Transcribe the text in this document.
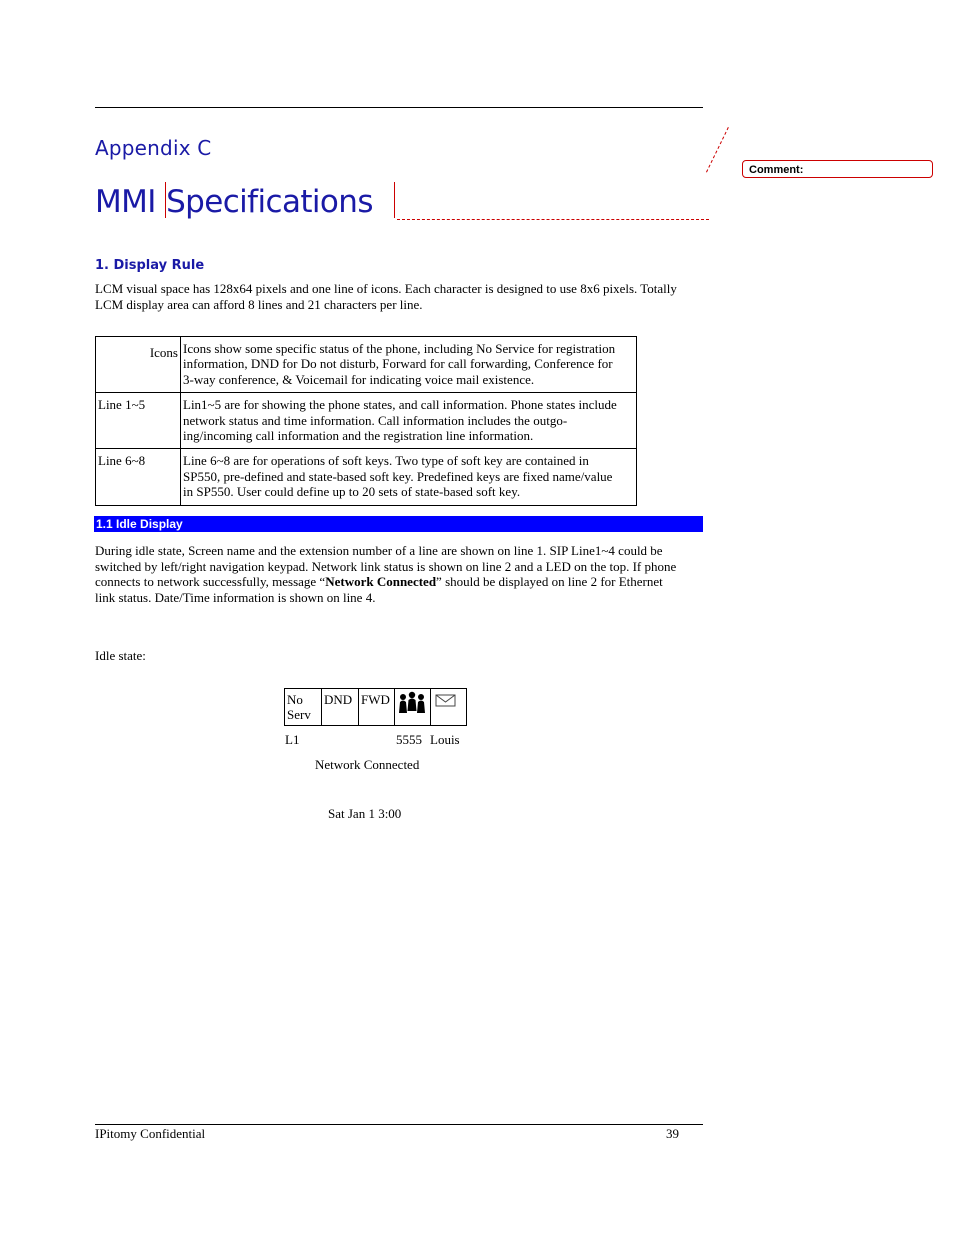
Appendix C
MMI Specifications
Comment:
1. Display Rule
LCM visual space has 128x64 pixels and one line of icons. Each character is designed to use 8x6 pixels. Totally
LCM display area can afford 8 lines and 21 characters per line.
Icons	Icons show some specific status of the phone, including No Service for registration
information, DND for Do not disturb, Forward for call forwarding, Conference for
3-way conference, & Voicemail for indicating voice mail existence.

Line 1~5	Lin1~5 are for showing the phone states, and call information. Phone states include
network status and time information. Call information includes the outgo-
ing/incoming call information and the registration line information.

Line 6~8	Line 6~8 are for operations of soft keys. Two type of soft key are contained in
SP550, pre-defined and state-based soft key. Predefined keys are fixed name/value
in SP550. User could define up to 20 sets of state-based soft key.
1.1 Idle Display
During idle state, Screen name and the extension number of a line are shown on line 1. SIP Line1~4 could be
switched by left/right navigation keypad. Network link status is shown on line 2 and a LED on the top. If phone
connects to network successfully, message “Network Connected” should be displayed on line 2 for Ethernet
link status. Date/Time information is shown on line 4.
Idle state:
No
Serv
	DND	FWD		
L1	5555 Louis
Network Connected
Sat Jan 1 3:00
IPitomy Confidential	39
